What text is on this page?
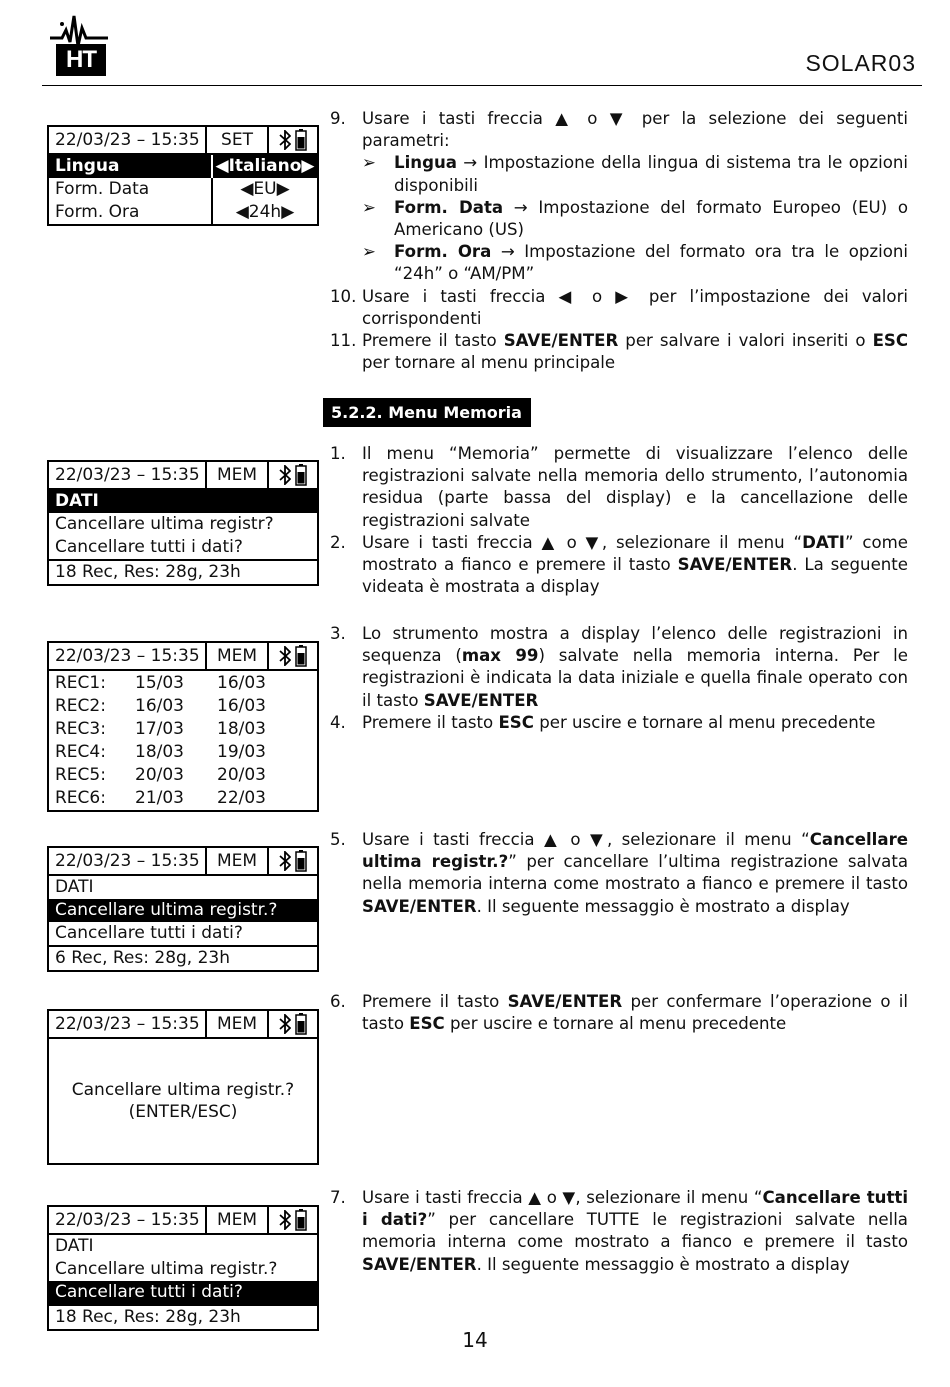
HT	SOLAR03
22/03/23 – 15:35	SET
Lingua	◀Italiano▶
Form. Data	◀EU▶
Form. Ora	◀24h▶
22/03/23 – 15:35	MEM
DATI
Cancellare ultima registr?
Cancellare tutti i dati?
18 Rec, Res: 28g, 23h
22/03/23 – 15:35	MEM
REC1:	15/03	16/03
REC2:	16/03	16/03
REC3:	17/03	18/03
REC4:	18/03	19/03
REC5:	20/03	20/03
REC6:	21/03	22/03
22/03/23 – 15:35	MEM
DATI
Cancellare ultima registr.?
Cancellare tutti i dati?
6 Rec, Res: 28g, 23h
22/03/23 – 15:35	MEM
Cancellare ultima registr.?
(ENTER/ESC)
22/03/23 – 15:35	MEM
DATI
Cancellare ultima registr.?
Cancellare tutti i dati?
18 Rec, Res: 28g, 23h
9. Usare i tasti freccia ▲ o ▼ per la selezione dei seguenti parametri:
➢	Lingua → Impostazione della lingua di sistema tra le opzioni disponibili
➢	Form. Data → Impostazione del formato Europeo (EU) o Americano (US)
➢	Form. Ora → Impostazione del formato ora tra le opzioni “24h” o “AM/PM”
10. Usare i tasti freccia ◀ o ▶ per l’impostazione dei valori corrispondenti
11. Premere il tasto SAVE/ENTER per salvare i valori inseriti o ESC per tornare al menu principale
5.2.2. Menu Memoria
1. Il menu “Memoria” permette di visualizzare l’elenco delle registrazioni salvate nella memoria dello strumento, l’autonomia residua (parte bassa del display) e la cancellazione delle registrazioni salvate
2. Usare i tasti freccia ▲ o ▼, selezionare il menu “DATI” come mostrato a fianco e premere il tasto SAVE/ENTER. La seguente videata è mostrata a display
3. Lo strumento mostra a display l’elenco delle registrazioni in sequenza (max 99) salvate nella memoria interna. Per le registrazioni è indicata la data iniziale e quella finale operato con il tasto SAVE/ENTER
4. Premere il tasto ESC per uscire e tornare al menu precedente
5. Usare i tasti freccia ▲ o ▼, selezionare il menu “Cancellare ultima registr.?” per cancellare l’ultima registrazione salvata nella memoria interna come mostrato a fianco e premere il tasto SAVE/ENTER. Il seguente messaggio è mostrato a display
6. Premere il tasto SAVE/ENTER per confermare l’operazione o il tasto ESC per uscire e tornare al menu precedente
7. Usare i tasti freccia ▲ o ▼, selezionare il menu “Cancellare tutti i dati?” per cancellare TUTTE le registrazioni salvate nella memoria interna come mostrato a fianco e premere il tasto SAVE/ENTER. Il seguente messaggio è mostrato a display
14
